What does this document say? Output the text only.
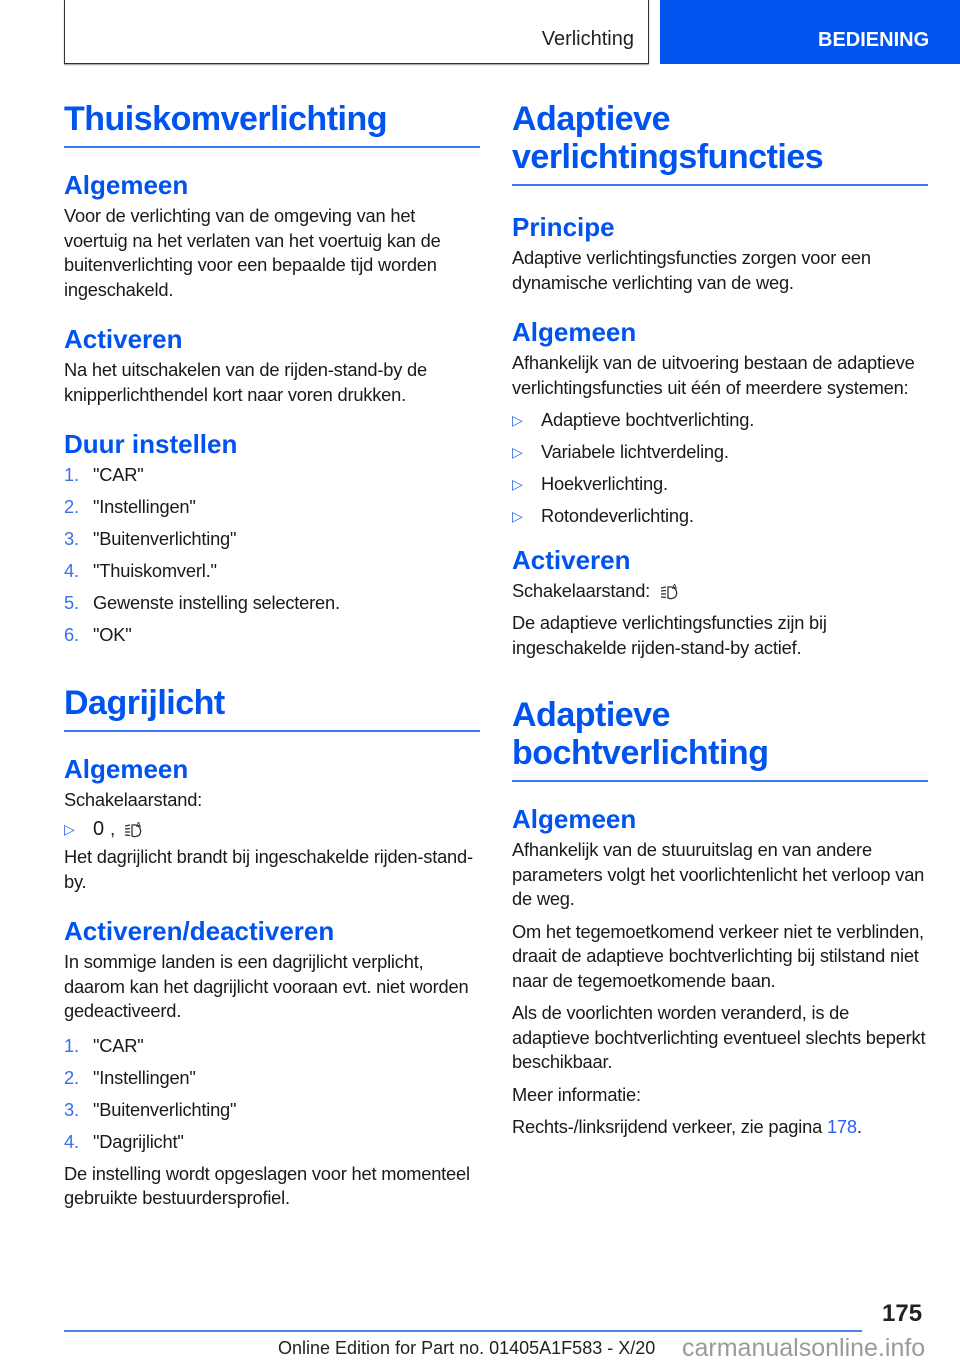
Verlichting	BEDIENING
Thuiskomverlichting
Algemeen

Voor de verlichting van de omgeving van het voertuig na het verlaten van het voertuig kan de buitenverlichting voor een bepaalde tijd worden ingeschakeld.

Activeren

Na het uitschakelen van de rijden-stand-by de knipperlichthendel kort naar voren drukken.

Duur instellen
1. "CAR"
2. "Instellingen"
3. "Buitenverlichting"
4. "Thuiskomverl."
5. Gewenste instelling selecteren.
6. "OK"
Dagrijlicht
Algemeen

Schakelaarstand:

▷ 0 ,	A

Het dagrijlicht brandt bij ingeschakelde rijden-stand-by.

Activeren/deactiveren

In sommige landen is een dagrijlicht verplicht, daarom kan het dagrijlicht vooraan evt. niet worden gedeactiveerd.

1. "CAR"
2. "Instellingen"
3. "Buitenverlichting"
4. "Dagrijlicht"

De instelling wordt opgeslagen voor het momenteel gebruikte bestuurdersprofiel.

Adaptieve verlichtingsfuncties
Principe

Adaptive verlichtingsfuncties zorgen voor een dynamische verlichting van de weg.

Algemeen

Afhankelijk van de uitvoering bestaan de adaptieve verlichtingsfuncties uit één of meerdere systemen:

▷	Adaptieve bochtverlichting.
▷	Variabele lichtverdeling.
▷	Hoekverlichting.
▷	Rotondeverlichting.
Activeren

Schakelaarstand:	A

De adaptieve verlichtingsfuncties zijn bij ingeschakelde rijden-stand-by actief.

Adaptieve bochtverlichting
Algemeen

Afhankelijk van de stuuruitslag en van andere parameters volgt het voorlichtenlicht het verloop van de weg.

Om het tegemoetkomend verkeer niet te verblinden, draait de adaptieve bochtverlichting bij stilstand niet naar de tegemoetkomende baan.

Als de voorlichten worden veranderd, is de adaptieve bochtverlichting eventueel slechts beperkt beschikbaar.

Meer informatie:

Rechts-/linksrijdend verkeer, zie pagina 178.

175
Online Edition for Part no. 01405A1F583 - X/20 carmanualsonline.info
